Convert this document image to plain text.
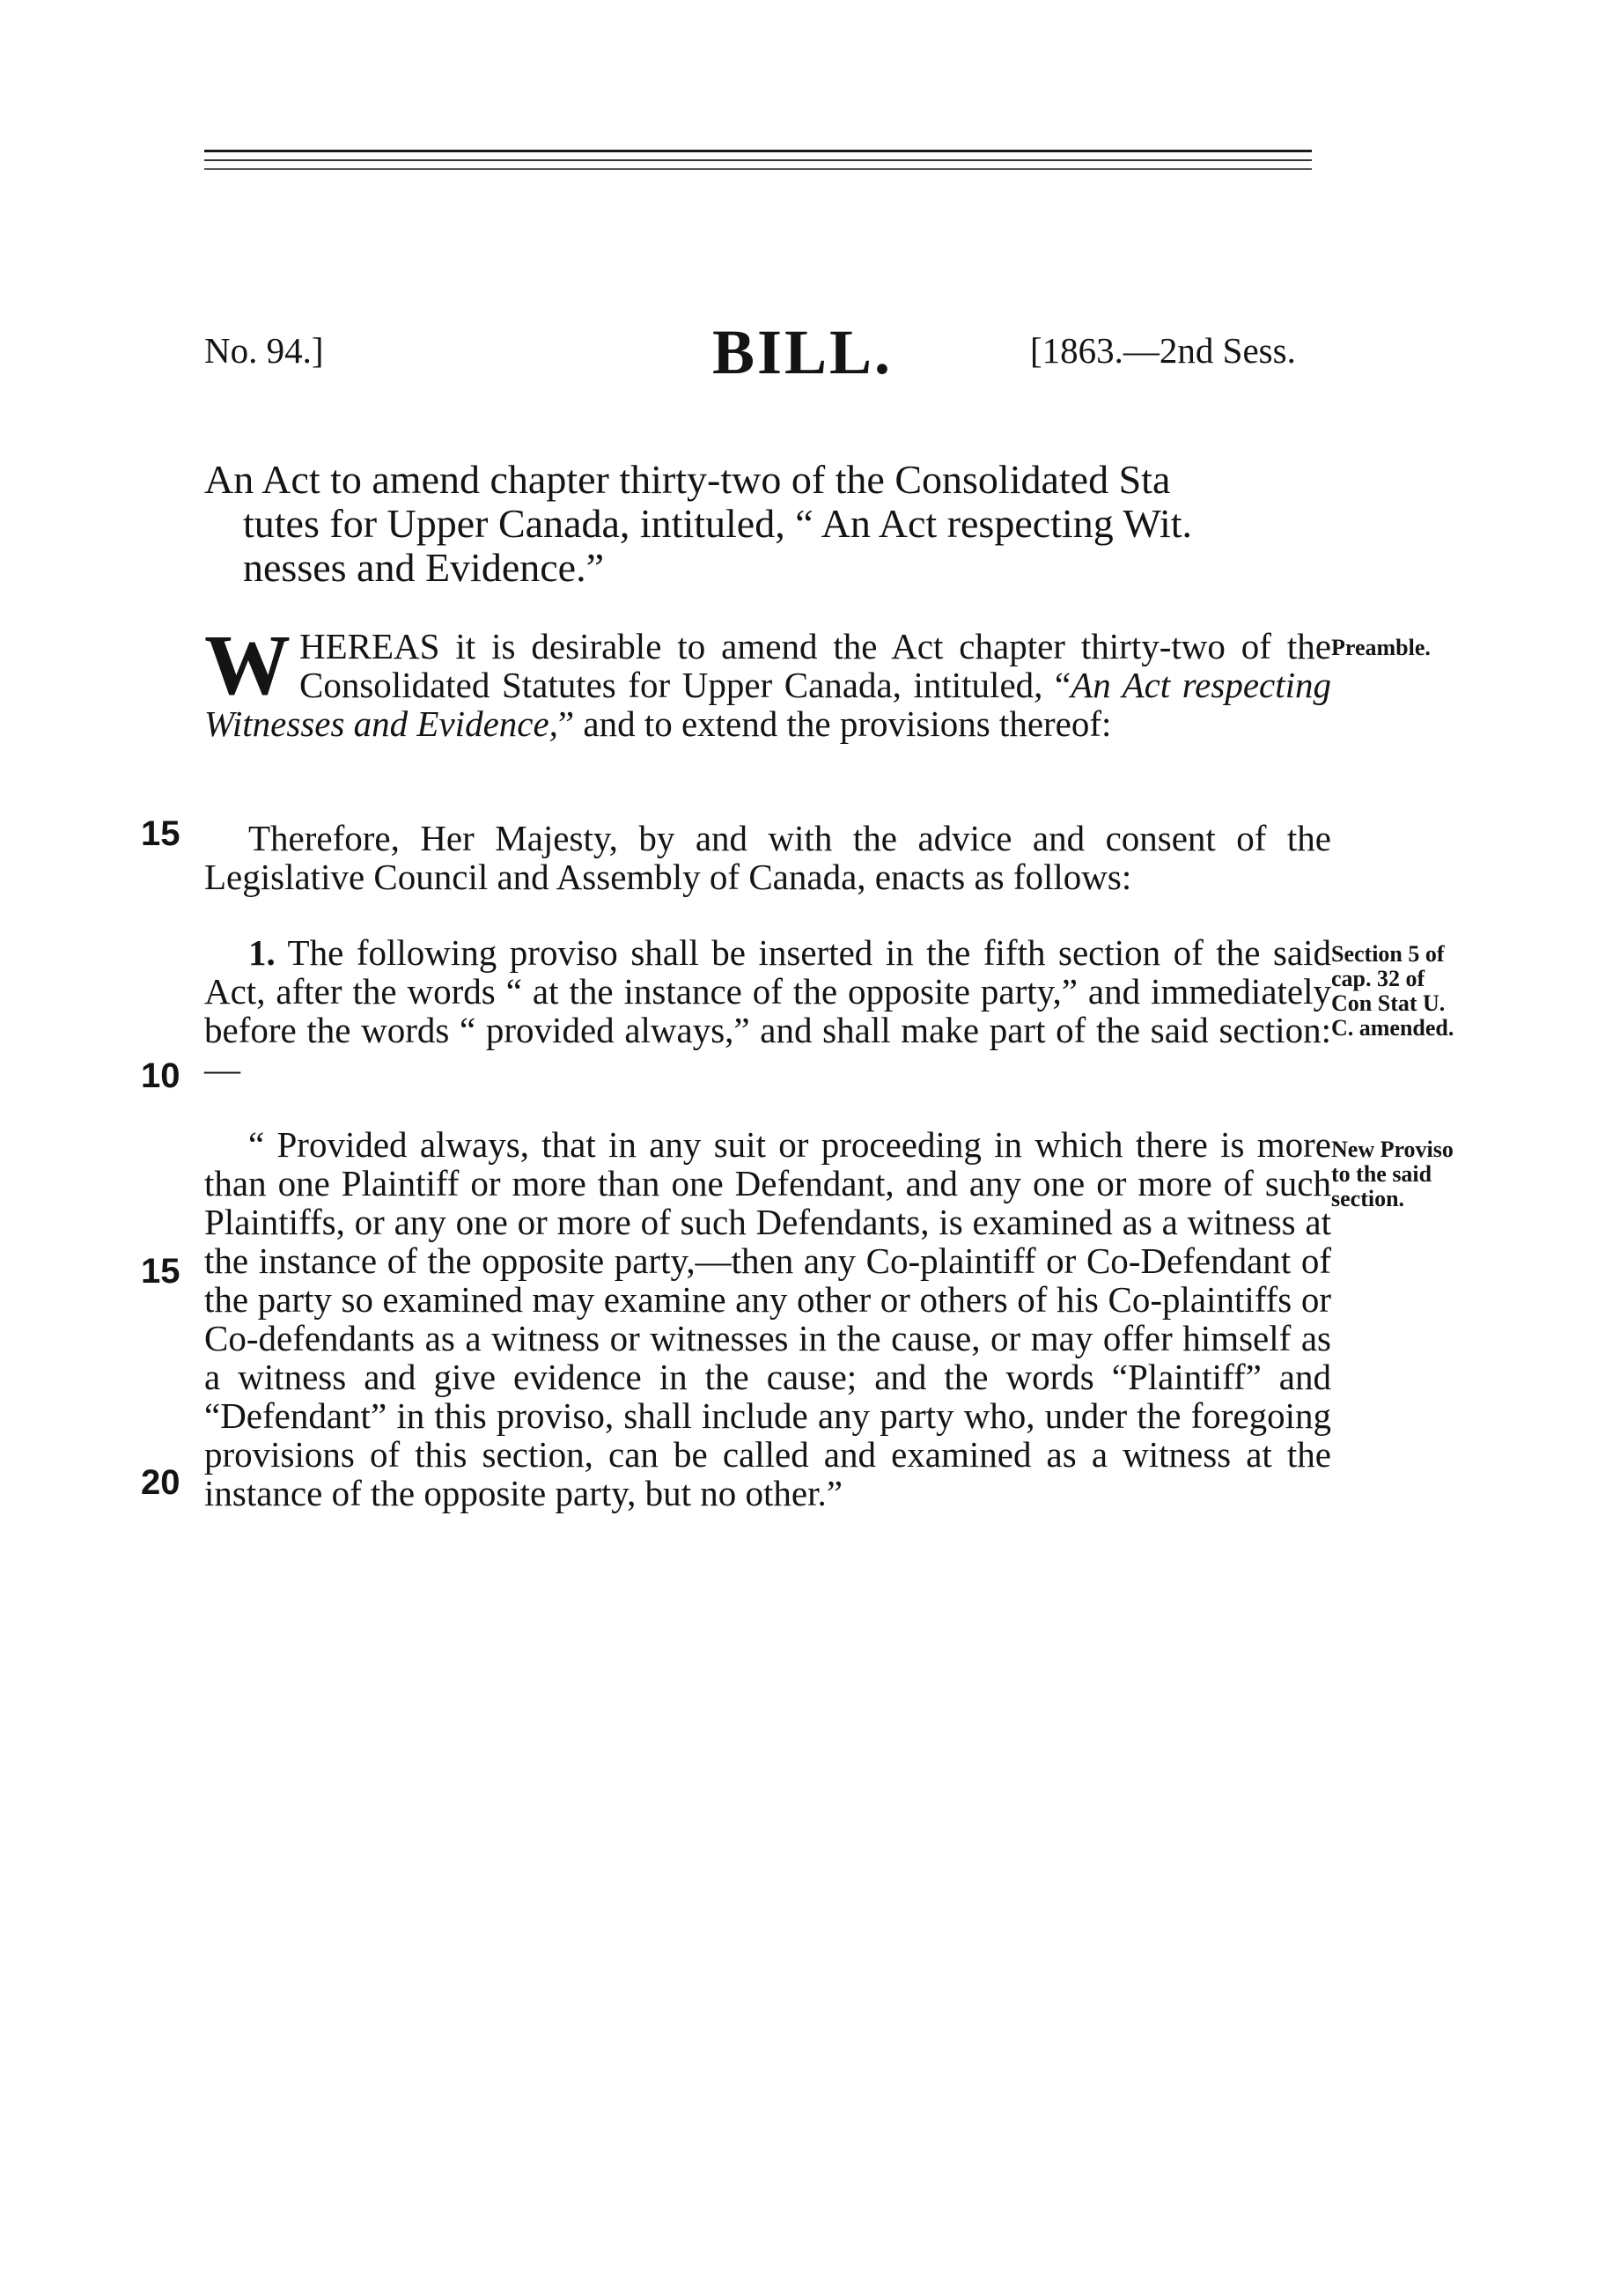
No. 94.]	BILL.	[1863.—2nd Sess.
An Act to amend chapter thirty-two of the Consolidated Sta
tutes for Upper Canada, intituled, “ An Act respecting Wit.
nesses and Evidence.”
WHEREAS it is desirable to amend the Act chapter thirty-two of the Consolidated Statutes for Upper Canada, intituled, “An Act respecting Witnesses and Evidence,” and to extend the provisions thereof:
Therefore, Her Majesty, by and with the advice and consent of the Legislative Council and Assembly of Canada, enacts as follows:
1. The following proviso shall be inserted in the fifth section of the said Act, after the words “ at the instance of the opposite party,” and immediately before the words “ provided always,” and shall make part of the said section:—
“ Provided always, that in any suit or proceeding in which there is more than one Plaintiff or more than one Defendant, and any one or more of such Plaintiffs, or any one or more of such Defendants, is examined as a witness at the instance of the opposite party,—then any Co-plaintiff or Co-Defendant of the party so examined may examine any other or others of his Co-plaintiffs or Co-defendants as a witness or witnesses in the cause, or may offer himself as a witness and give evidence in the cause; and the words “Plaintiff” and “Defendant” in this proviso, shall include any party who, under the foregoing provisions of this section, can be called and examined as a witness at the instance of the opposite party, but no other.”
15
10
15
20
Preamble.
Section 5 of
cap. 32 of
Con Stat U.
C. amended.
New Proviso
to the said
section.
